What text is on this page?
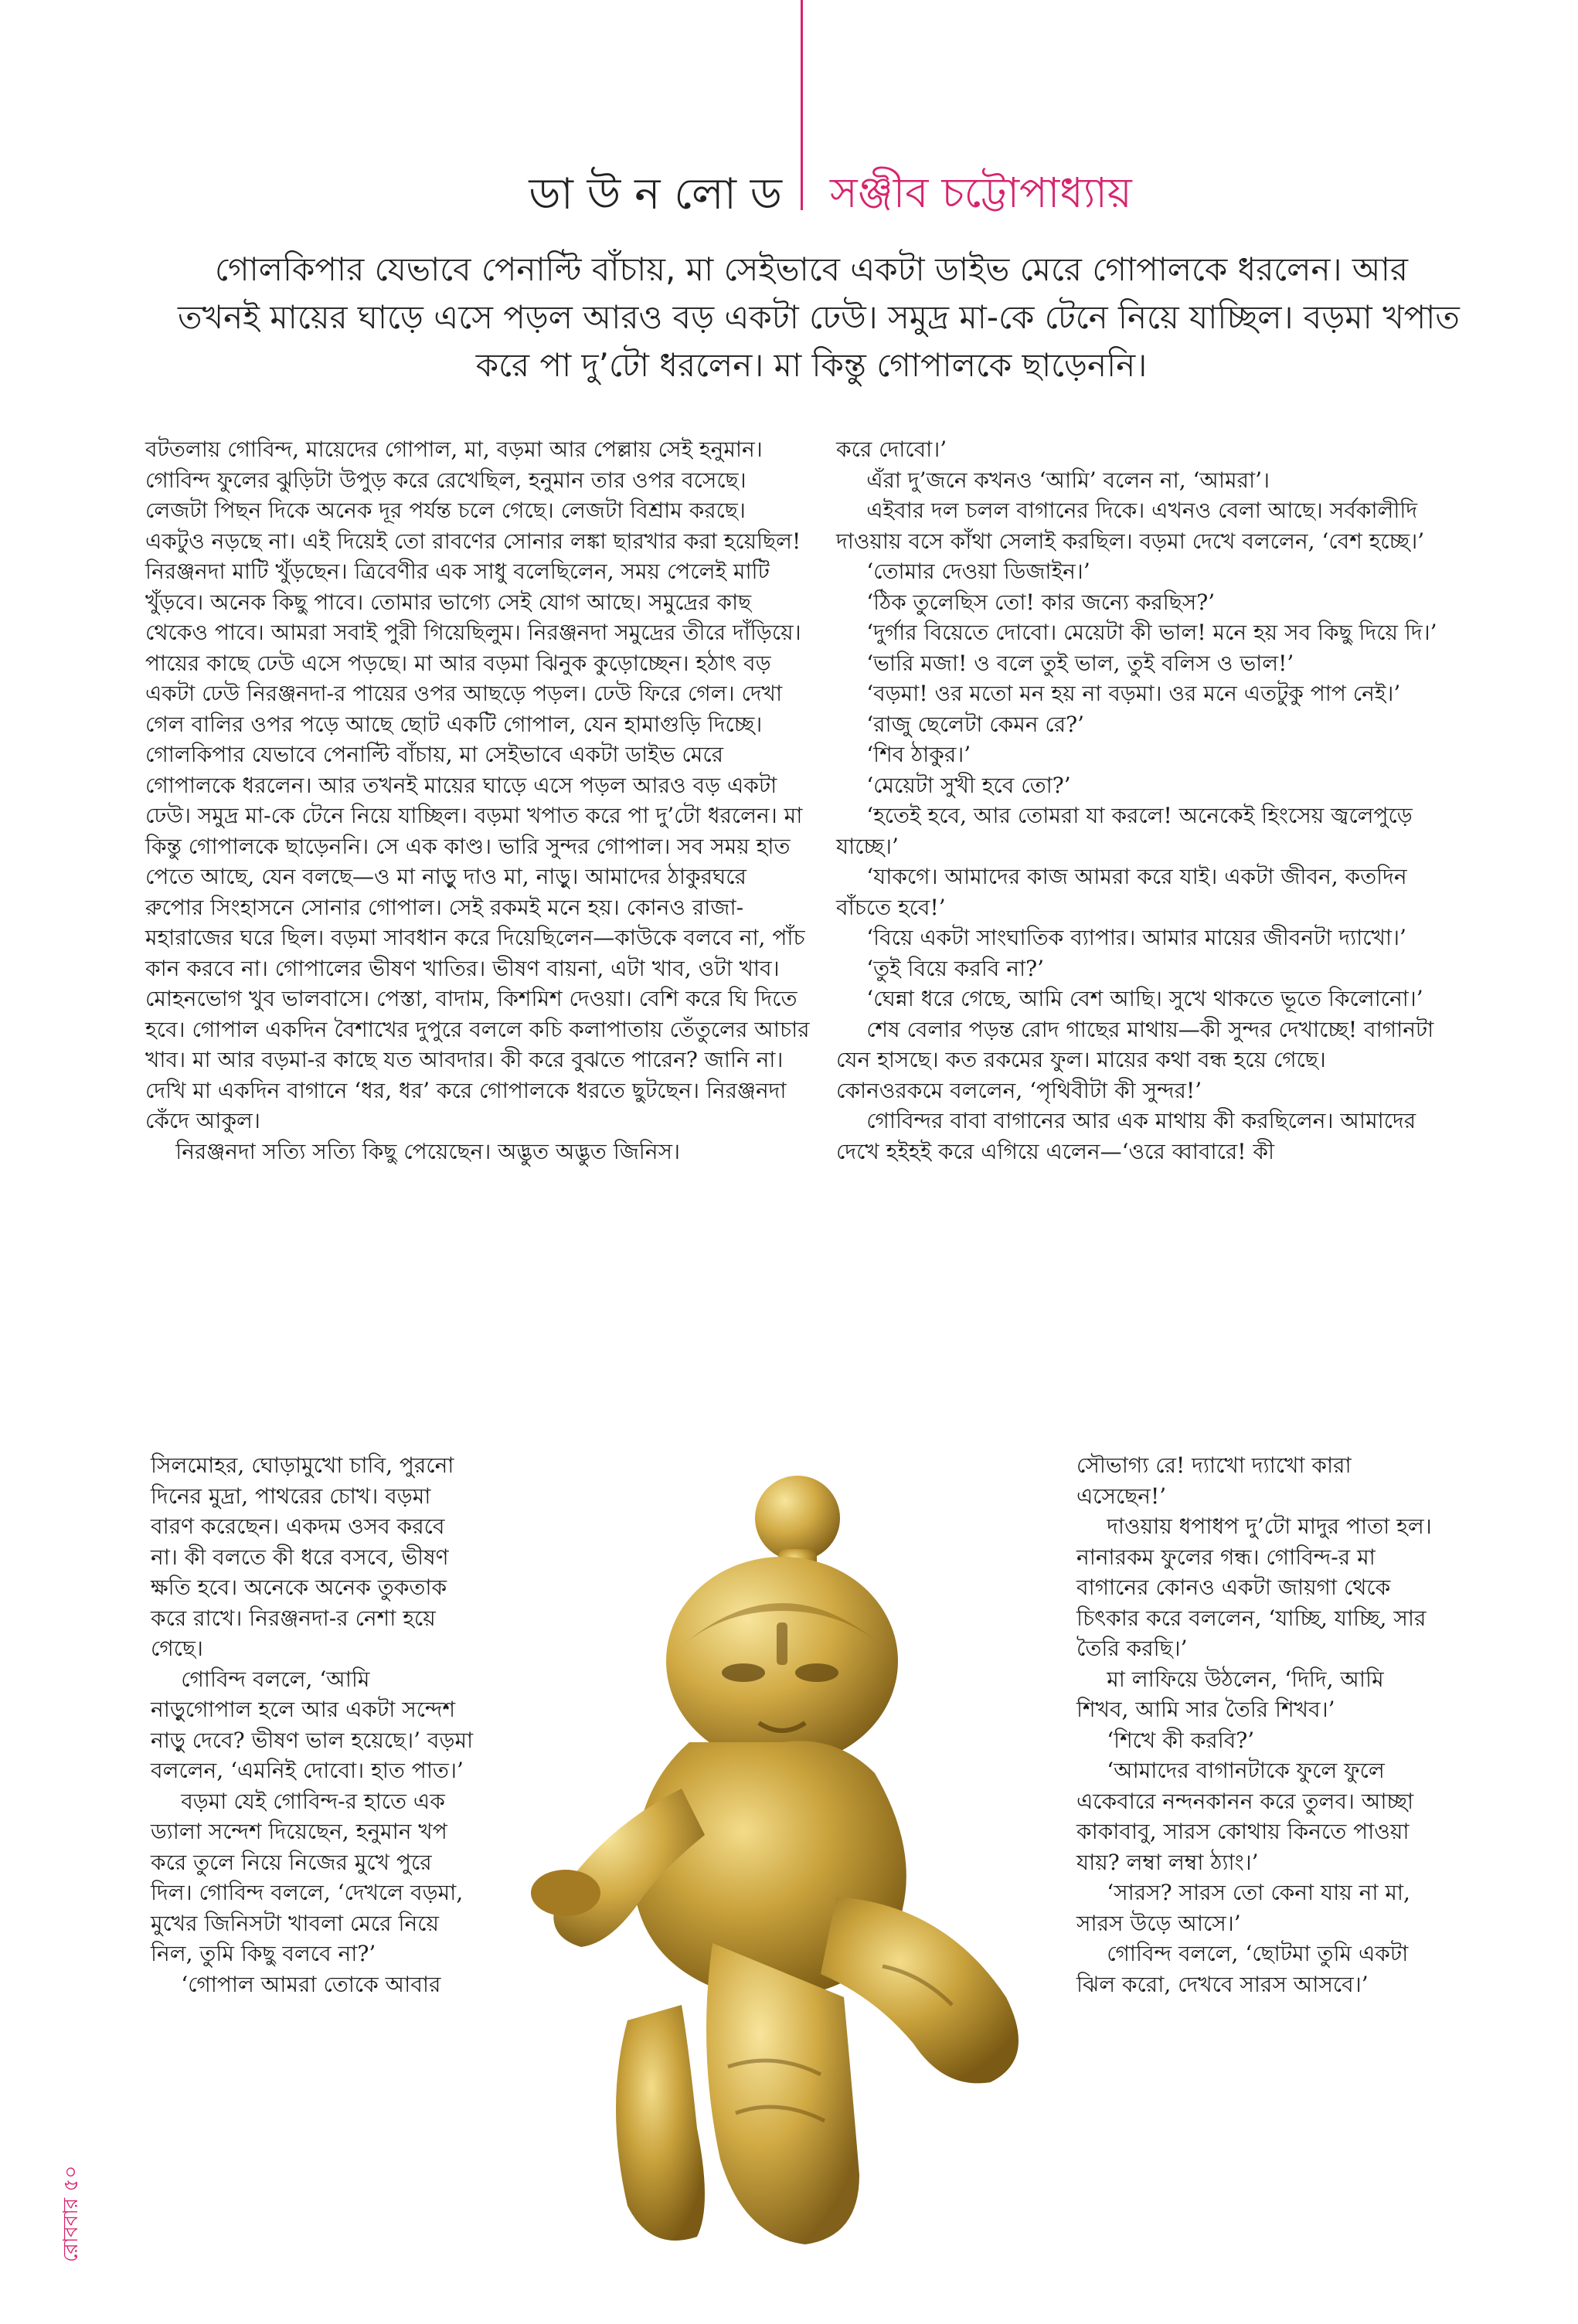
ডা উ ন লো ড সঞ্জীব চট্টোপাধ্যায়
গোলকিপার যেভাবে পেনাল্টি বাঁচায়, মা সেইভাবে একটা ডাইভ মেরে গোপালকে ধরলেন। আর
তখনই মায়ের ঘাড়ে এসে পড়ল আরও বড় একটা ঢেউ। সমুদ্র মা-কে টেনে নিয়ে যাচ্ছিল। বড়মা খপাত
করে পা দু’টো ধরলেন। মা কিন্তু গোপালকে ছাড়েননি।

বটতলায় গোবিন্দ, মায়েদের গোপাল, মা, বড়মা আর পেল্লায় সেই হনুমান। গোবিন্দ ফুলের ঝুড়িটা উপুড় করে রেখেছিল, হনুমান তার ওপর বসেছে। লেজটা পিছন দিকে অনেক দূর পর্যন্ত চলে গেছে। লেজটা বিশ্রাম করছে। একটুও নড়ছে না। এই দিয়েই তো রাবণের সোনার লঙ্কা ছারখার করা হয়েছিল! নিরঞ্জনদা মাটি খুঁড়ছেন। ত্রিবেণীর এক সাধু বলেছিলেন, সময় পেলেই মাটি খুঁড়বে। অনেক কিছু পাবে। তোমার ভাগ্যে সেই যোগ আছে। সমুদ্রের কাছ থেকেও পাবে। আমরা সবাই পুরী গিয়েছিলুম। নিরঞ্জনদা সমুদ্রের তীরে দাঁড়িয়ে। পায়ের কাছে ঢেউ এসে পড়ছে। মা আর বড়মা ঝিনুক কুড়োচ্ছেন। হঠাৎ বড় একটা ঢেউ নিরঞ্জনদা-র পায়ের ওপর আছড়ে পড়ল। ঢেউ ফিরে গেল। দেখা গেল বালির ওপর পড়ে আছে ছোট একটি গোপাল, যেন হামাগুড়ি দিচ্ছে। গোলকিপার যেভাবে পেনাল্টি বাঁচায়, মা সেইভাবে একটা ডাইভ মেরে গোপালকে ধরলেন। আর তখনই মায়ের ঘাড়ে এসে পড়ল আরও বড় একটা ঢেউ। সমুদ্র মা-কে টেনে নিয়ে যাচ্ছিল। বড়মা খপাত করে পা দু’টো ধরলেন। মা কিন্তু গোপালকে ছাড়েননি। সে এক কাণ্ড। ভারি সুন্দর গোপাল। সব সময় হাত পেতে আছে, যেন বলছে—ও মা নাড়ু দাও মা, নাড়ু। আমাদের ঠাকুরঘরে রুপোর সিংহাসনে সোনার গোপাল। সেই রকমই মনে হয়। কোনও রাজা-মহারাজের ঘরে ছিল। বড়মা সাবধান করে দিয়েছিলেন—কাউকে বলবে না, পাঁচ কান করবে না। গোপালের ভীষণ খাতির। ভীষণ বায়না, এটা খাব, ওটা খাব। মোহনভোগ খুব ভালবাসে। পেস্তা, বাদাম, কিশমিশ দেওয়া। বেশি করে ঘি দিতে হবে। গোপাল একদিন বৈশাখের দুপুরে বললে কচি কলাপাতায় তেঁতুলের আচার খাব। মা আর বড়মা-র কাছে যত আবদার। কী করে বুঝতে পারেন? জানি না। দেখি মা একদিন বাগানে ‘ধর, ধর’ করে গোপালকে ধরতে ছুটছেন। নিরঞ্জনদা কেঁদে আকুল।

নিরঞ্জনদা সত্যি সত্যি কিছু পেয়েছেন। অদ্ভুত অদ্ভুত জিনিস।

করে দোবো।’

এঁরা দু’জনে কখনও ‘আমি’ বলেন না, ‘আমরা’।

এইবার দল চলল বাগানের দিকে। এখনও বেলা আছে। সর্বকালীদি দাওয়ায় বসে কাঁথা সেলাই করছিল। বড়মা দেখে বললেন, ‘বেশ হচ্ছে।’

‘তোমার দেওয়া ডিজাইন।’

‘ঠিক তুলেছিস তো! কার জন্যে করছিস?’

‘দুর্গার বিয়েতে দোবো। মেয়েটা কী ভাল! মনে হয় সব কিছু দিয়ে দি।’

‘ভারি মজা! ও বলে তুই ভাল, তুই বলিস ও ভাল!’

‘বড়মা! ওর মতো মন হয় না বড়মা। ওর মনে এতটুকু পাপ নেই।’

‘রাজু ছেলেটা কেমন রে?’

‘শিব ঠাকুর।’

‘মেয়েটা সুখী হবে তো?’

‘হতেই হবে, আর তোমরা যা করলে! অনেকেই হিংসেয় জ্বলেপুড়ে যাচ্ছে।’

‘যাকগে। আমাদের কাজ আমরা করে যাই। একটা জীবন, কতদিন বাঁচতে হবে!’

‘বিয়ে একটা সাংঘাতিক ব্যাপার। আমার মায়ের জীবনটা দ্যাখো।’

‘তুই বিয়ে করবি না?’

‘ঘেন্না ধরে গেছে, আমি বেশ আছি। সুখে থাকতে ভূতে কিলোনো।’

শেষ বেলার পড়ন্ত রোদ গাছের মাথায়—কী সুন্দর দেখাচ্ছে! বাগানটা যেন হাসছে। কত রকমের ফুল। মায়ের কথা বন্ধ হয়ে গেছে। কোনওরকমে বললেন, ‘পৃথিবীটা কী সুন্দর!’

গোবিন্দর বাবা বাগানের আর এক মাথায় কী করছিলেন। আমাদের দেখে হইহই করে এগিয়ে এলেন—‘ওরে ব্বাবারে! কী

সিলমোহর, ঘোড়ামুখো চাবি, পুরনো দিনের মুদ্রা, পাথরের চোখ। বড়মা বারণ করেছেন। একদম ওসব করবে না। কী বলতে কী ধরে বসবে, ভীষণ ক্ষতি হবে। অনেকে অনেক তুকতাক করে রাখে। নিরঞ্জনদা-র নেশা হয়ে গেছে।

গোবিন্দ বললে, ‘আমি নাড়ুগোপাল হলে আর একটা সন্দেশ নাড়ু দেবে? ভীষণ ভাল হয়েছে।’ বড়মা বললেন, ‘এমনিই দোবো। হাত পাত।’

বড়মা যেই গোবিন্দ-র হাতে এক ড্যালা সন্দেশ দিয়েছেন, হনুমান খপ করে তুলে নিয়ে নিজের মুখে পুরে দিল। গোবিন্দ বললে, ‘দেখলে বড়মা, মুখের জিনিসটা খাবলা মেরে নিয়ে নিল, তুমি কিছু বলবে না?’

‘গোপাল আমরা তোকে আবার

সৌভাগ্য রে! দ্যাখো দ্যাখো কারা এসেছেন!’

দাওয়ায় ধপাধপ দু’টো মাদুর পাতা হল। নানারকম ফুলের গন্ধ। গোবিন্দ-র মা বাগানের কোনও একটা জায়গা থেকে চিৎকার করে বললেন, ‘যাচ্ছি, যাচ্ছি, সার তৈরি করছি।’

মা লাফিয়ে উঠলেন, ‘দিদি, আমি শিখব, আমি সার তৈরি শিখব।’

‘শিখে কী করবি?’

‘আমাদের বাগানটাকে ফুলে ফুলে একেবারে নন্দনকানন করে তুলব। আচ্ছা কাকাবাবু, সারস কোথায় কিনতে পাওয়া যায়? লম্বা লম্বা ঠ্যাং।’

‘সারস? সারস তো কেনা যায় না মা, সারস উড়ে আসে।’

গোবিন্দ বললে, ‘ছোটমা তুমি একটা ঝিল করো, দেখবে সারস আসবে।’

রোববার ৫০
